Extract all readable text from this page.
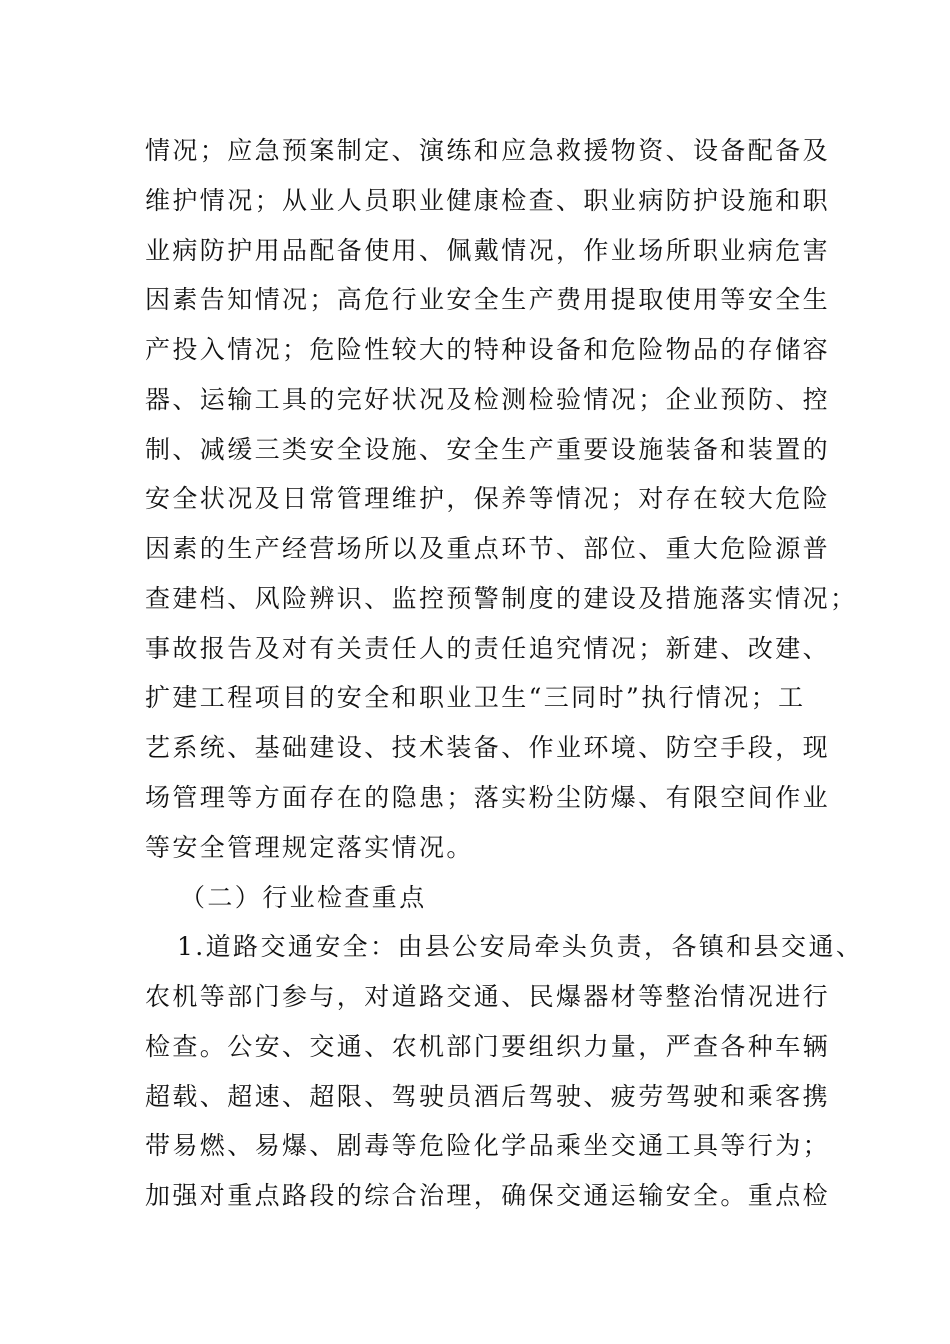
情况；应急预案制定、演练和应急救援物资、设备配备及
维护情况；从业人员职业健康检查、职业病防护设施和职
业病防护用品配备使用、佩戴情况，作业场所职业病危害
因素告知情况；高危行业安全生产费用提取使用等安全生
产投入情况；危险性较大的特种设备和危险物品的存储容
器、运输工具的完好状况及检测检验情况；企业预防、控
制、减缓三类安全设施、安全生产重要设施装备和装置的
安全状况及日常管理维护，保养等情况；对存在较大危险
因素的生产经营场所以及重点环节、部位、重大危险源普
查建档、风险辨识、监控预警制度的建设及措施落实情况；
事故报告及对有关责任人的责任追究情况；新建、改建、
扩建工程项目的安全和职业卫生“三同时”执行情况；工
艺系统、基础建设、技术装备、作业环境、防空手段，现
场管理等方面存在的隐患；落实粉尘防爆、有限空间作业
等安全管理规定落实情况。
（二）行业检查重点
1.道路交通安全：由县公安局牵头负责，各镇和县交通、
农机等部门参与，对道路交通、民爆器材等整治情况进行
检查。公安、交通、农机部门要组织力量，严查各种车辆
超载、超速、超限、驾驶员酒后驾驶、疲劳驾驶和乘客携
带易燃、易爆、剧毒等危险化学品乘坐交通工具等行为；
加强对重点路段的综合治理，确保交通运输安全。重点检
